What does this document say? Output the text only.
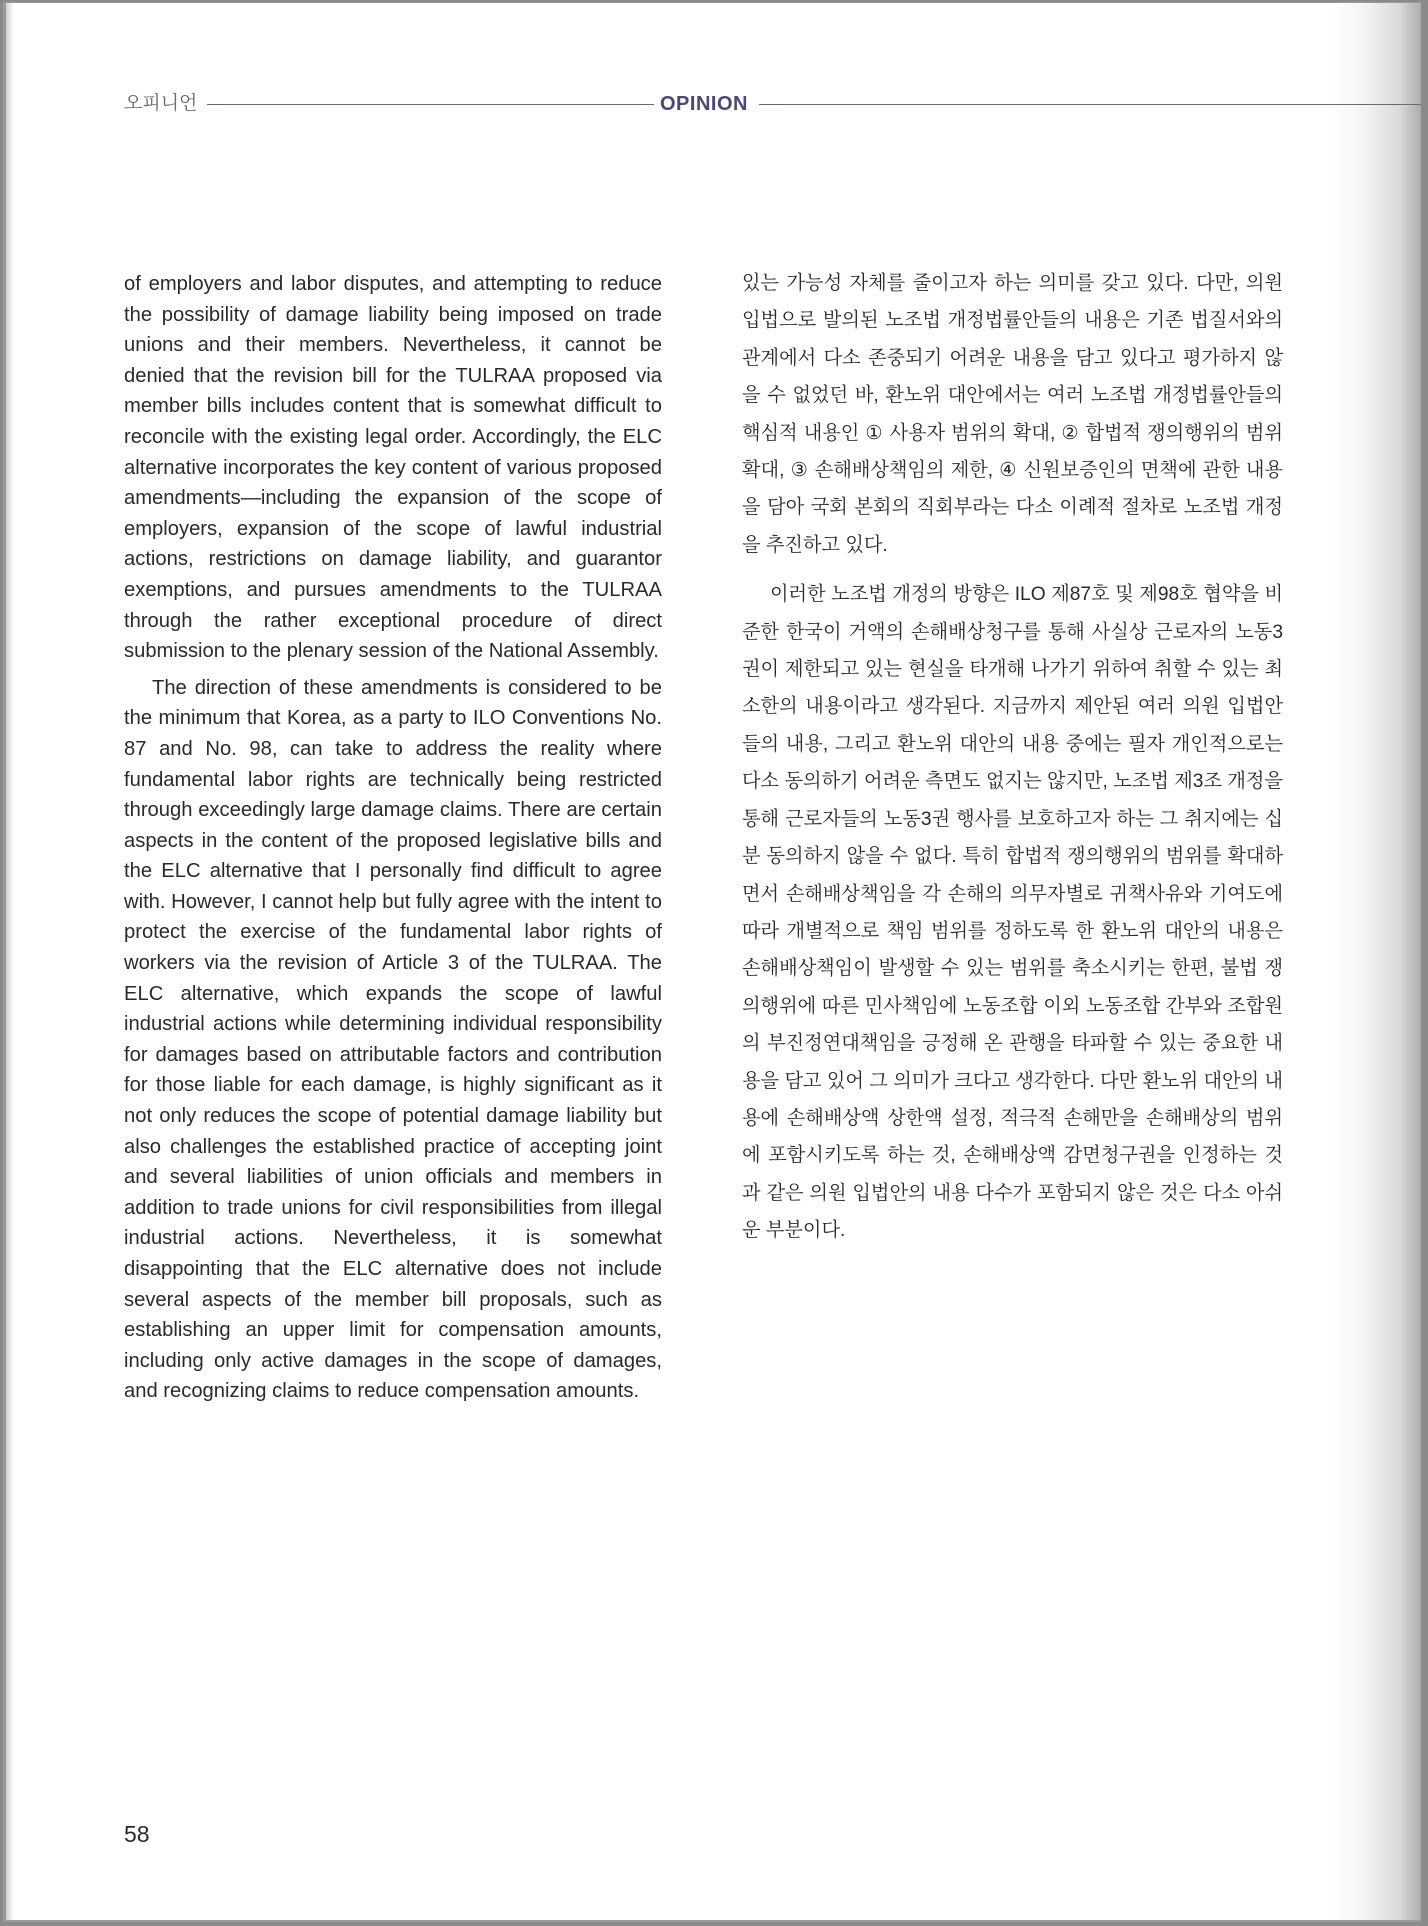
오피니언	OPINION

of employers and labor disputes, and attempting to reduce the possibility of damage liability being imposed on trade unions and their members. Nevertheless, it cannot be denied that the revision bill for the TULRAA proposed via member bills includes content that is somewhat difficult to reconcile with the existing legal order. Accordingly, the ELC alternative incorporates the key content of various proposed amendments—including the expansion of the scope of employers, expansion of the scope of lawful industrial actions, restrictions on damage liability, and guarantor exemptions, and pursues amendments to the TULRAA through the rather exceptional procedure of direct submission to the plenary session of the National Assembly.

The direction of these amendments is considered to be the minimum that Korea, as a party to ILO Conventions No. 87 and No. 98, can take to address the reality where fundamental labor rights are technically being restricted through exceedingly large damage claims. There are certain aspects in the content of the proposed legislative bills and the ELC alternative that I personally find difficult to agree with. However, I cannot help but fully agree with the intent to protect the exercise of the fundamental labor rights of workers via the revision of Article 3 of the TULRAA. The ELC alternative, which expands the scope of lawful industrial actions while determining individual responsibility for damages based on attributable factors and contribution for those liable for each damage, is highly significant as it not only reduces the scope of potential damage liability but also challenges the established practice of accepting joint and several liabilities of union officials and members in addition to trade unions for civil responsibilities from illegal industrial actions. Nevertheless, it is somewhat disappointing that the ELC alternative does not include several aspects of the member bill proposals, such as establishing an upper limit for compensation amounts, including only active damages in the scope of damages, and recognizing claims to reduce compensation amounts.

있는 가능성 자체를 줄이고자 하는 의미를 갖고 있다. 다만, 의원 입법으로 발의된 노조법 개정법률안들의 내용은 기존 법질서와의 관계에서 다소 존중되기 어려운 내용을 담고 있다고 평가하지 않을 수 없었던 바, 환노위 대안에서는 여러 노조법 개정법률안들의 핵심적 내용인 ① 사용자 범위의 확대, ② 합법적 쟁의행위의 범위 확대, ③ 손해배상책임의 제한, ④ 신원보증인의 면책에 관한 내용을 담아 국회 본회의 직회부라는 다소 이례적 절차로 노조법 개정을 추진하고 있다.

이러한 노조법 개정의 방향은 ILO 제87호 및 제98호 협약을 비준한 한국이 거액의 손해배상청구를 통해 사실상 근로자의 노동3권이 제한되고 있는 현실을 타개해 나가기 위하여 취할 수 있는 최소한의 내용이라고 생각된다. 지금까지 제안된 여러 의원 입법안들의 내용, 그리고 환노위 대안의 내용 중에는 필자 개인적으로는 다소 동의하기 어려운 측면도 없지는 않지만, 노조법 제3조 개정을 통해 근로자들의 노동3권 행사를 보호하고자 하는 그 취지에는 십분 동의하지 않을 수 없다. 특히 합법적 쟁의행위의 범위를 확대하면서 손해배상책임을 각 손해의 의무자별로 귀책사유와 기여도에 따라 개별적으로 책임 범위를 정하도록 한 환노위 대안의 내용은 손해배상책임이 발생할 수 있는 범위를 축소시키는 한편, 불법 쟁의행위에 따른 민사책임에 노동조합 이외 노동조합 간부와 조합원의 부진정연대책임을 긍정해 온 관행을 타파할 수 있는 중요한 내용을 담고 있어 그 의미가 크다고 생각한다. 다만 환노위 대안의 내용에 손해배상액 상한액 설정, 적극적 손해만을 손해배상의 범위에 포함시키도록 하는 것, 손해배상액 감면청구권을 인정하는 것과 같은 의원 입법안의 내용 다수가 포함되지 않은 것은 다소 아쉬운 부분이다.

58
